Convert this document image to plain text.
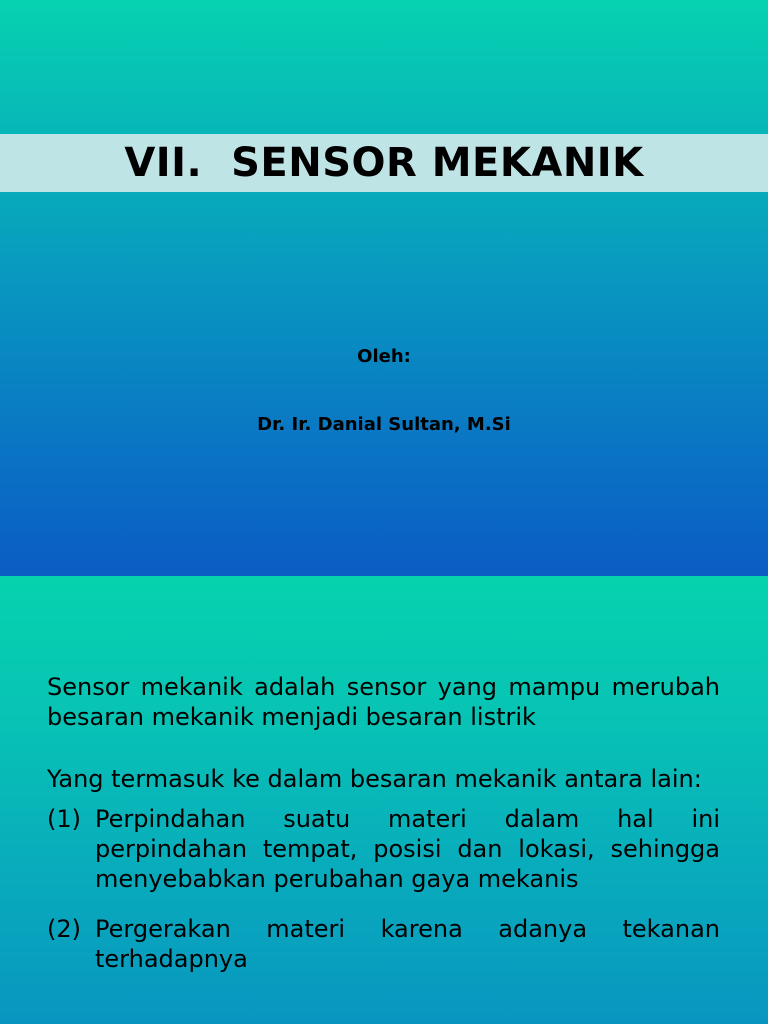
VII.  SENSOR MEKANIK
Oleh:
Dr. Ir. Danial Sultan, M.Si

Sensor mekanik adalah sensor yang mampu merubah besaran mekanik menjadi besaran listrik

Yang termasuk ke dalam besaran mekanik antara lain:

(1) Perpindahan suatu materi dalam hal ini perpindahan tempat, posisi dan lokasi, sehingga menyebabkan perubahan gaya mekanis
(2) Pergerakan materi karena adanya tekanan terhadapnya
